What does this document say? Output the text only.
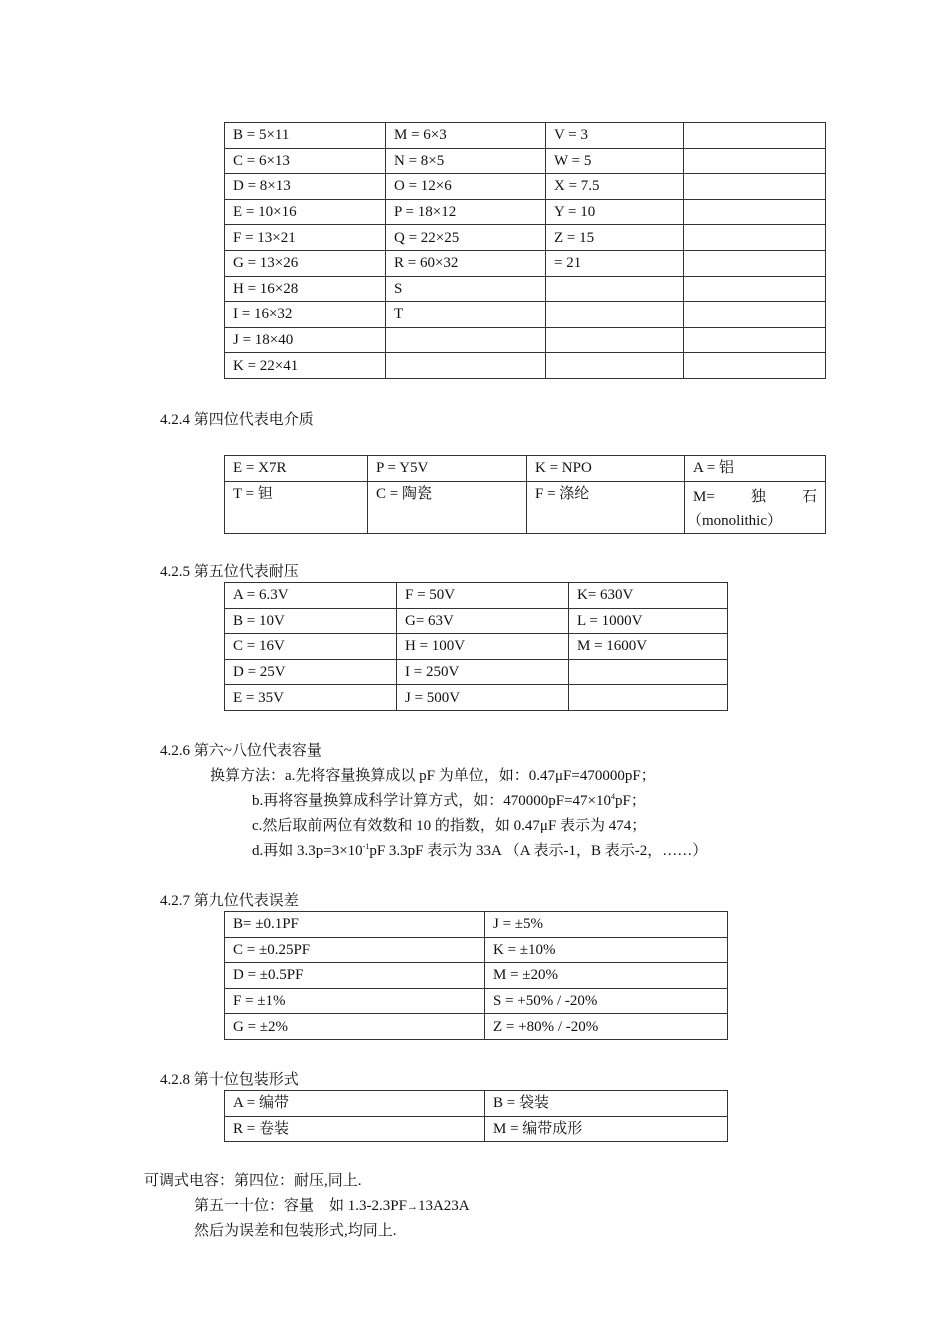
B = 5×11	M = 6×3	V = 3	
C = 6×13	N = 8×5	W = 5	
D = 8×13	O = 12×6	X = 7.5	
E = 10×16	P = 18×12	Y = 10	
F = 13×21	Q = 22×25	Z = 15	
G = 13×26	R = 60×32	= 21	
H = 16×28	S		
I = 16×32	T		
J = 18×40			
K = 22×41			
4.2.4 第四位代表电介质
E = X7R	P = Y5V	K = NPO	A = 铝
T = 钽	C = 陶瓷	F = 涤纶	M= 独 石
（monolithic）
4.2.5 第五位代表耐压
A = 6.3V	F = 50V	K= 630V
B = 10V	G= 63V	L = 1000V
C = 16V	H = 100V	M = 1600V
D = 25V	I = 250V	
E = 35V	J = 500V	
4.2.6 第六~八位代表容量
换算方法：a.先将容量换算成以 pF 为单位，如：0.47μF=470000pF；
b.再将容量换算成科学计算方式，如：$470000pF=47\times 10^4pF$；
c.然后取前两位有效数和 10 的指数，如 0.47μF 表示为 474；
d.再如 $3.3p=3\times 10^{-1}pF$ 3.3pF 表示为 33A （A 表示-1，B 表示-2，……）
4.2.7 第九位代表误差
B= ±0.1PF	J = ±5%
C = ±0.25PF	K = ±10%
D = ±0.5PF	M = ±20%
F = ±1%	S = +50% / -20%
G = ±2%	Z = +80% / -20%
4.2.8 第十位包装形式
A = 编带	B = 袋装
R = 卷装	M = 编带成形
可调式电容：第四位：耐压,同上.
第五一十位：容量　如 1.3-2.3PF→13A23A
然后为误差和包装形式,均同上.
